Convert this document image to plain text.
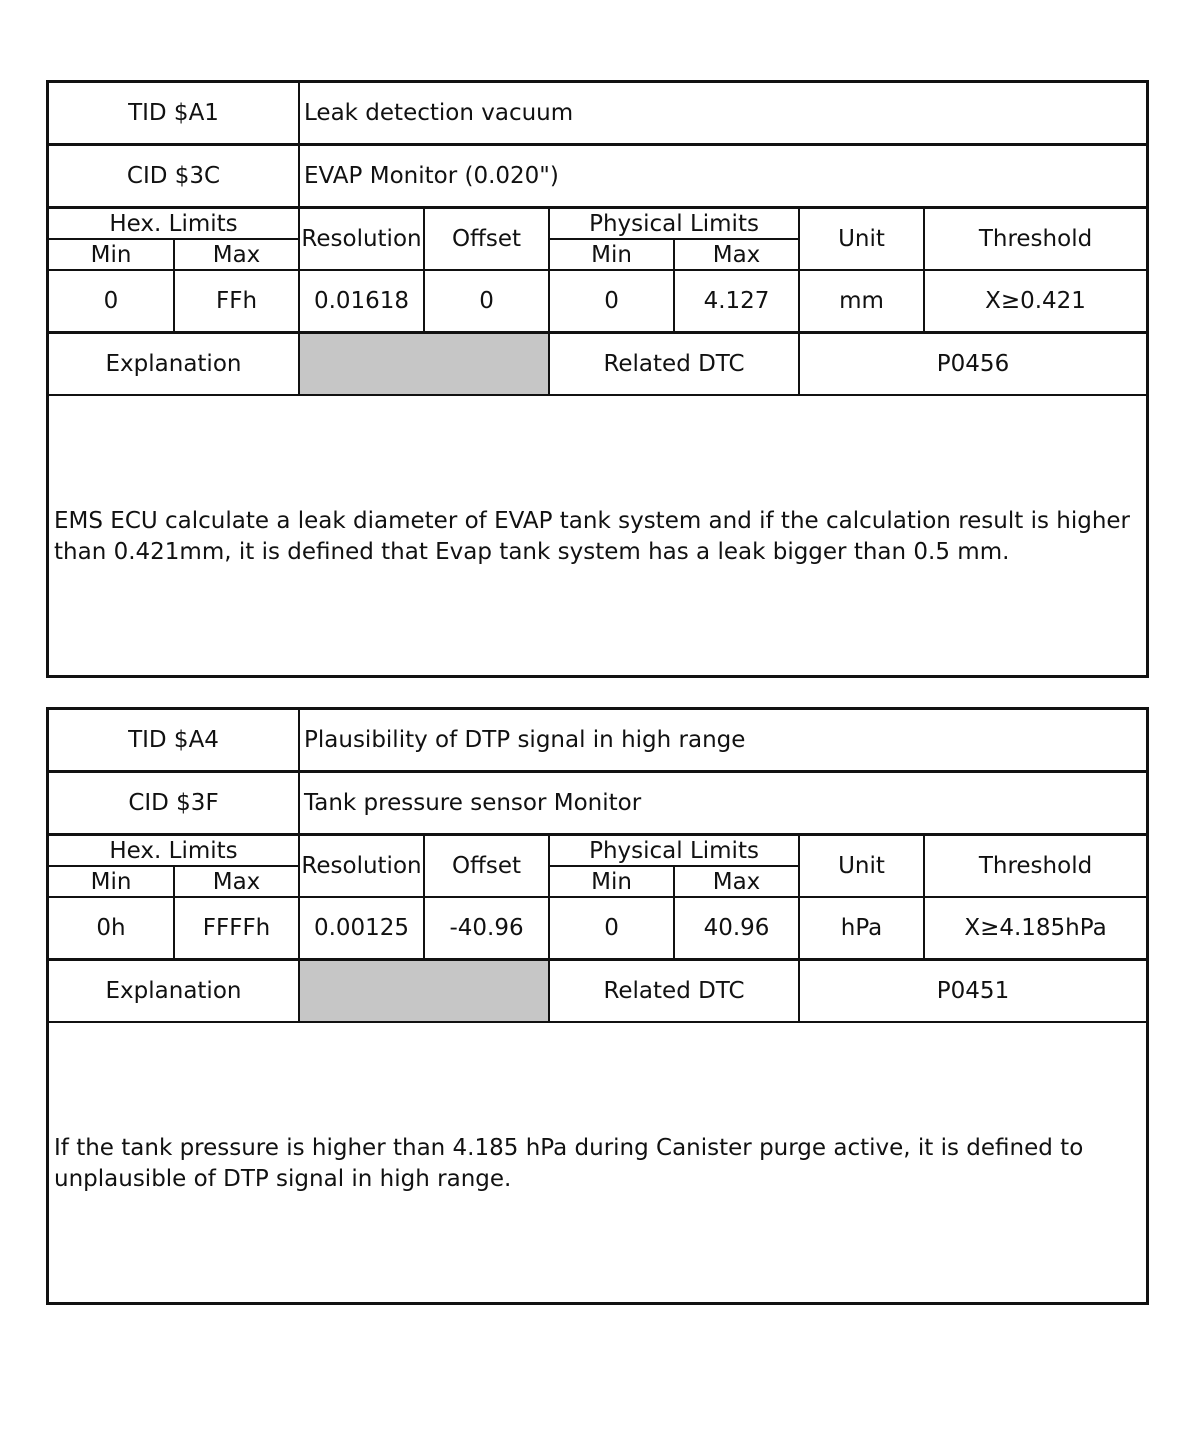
TID $A1		Leak detection vacuum					
CID $3C		EVAP Monitor (0.020")					
Hex. Limits		Resolution	Offset	Physical Limits		Unit	Threshold
Min	Max			Min	Max		
0	FFh	0.01618	0	0	4.127	mm	X≥0.421
Explanation				Related DTC		P0456	

EMS ECU calculate a leak diameter of EVAP tank system and if the calculation result is higher than 0.421mm, it is defined that Evap tank system has a leak bigger than 0.5 mm.

TID $A4		Plausibility of DTP signal in high range					
CID $3F		Tank pressure sensor Monitor					
Hex. Limits		Resolution	Offset	Physical Limits		Unit	Threshold
Min	Max			Min	Max		
0h	FFFFh	0.00125	-40.96	0	40.96	hPa	X≥4.185hPa
Explanation				Related DTC		P0451	

If the tank pressure is higher than 4.185 hPa during Canister purge active, it is defined to unplausible of DTP signal in high range.
